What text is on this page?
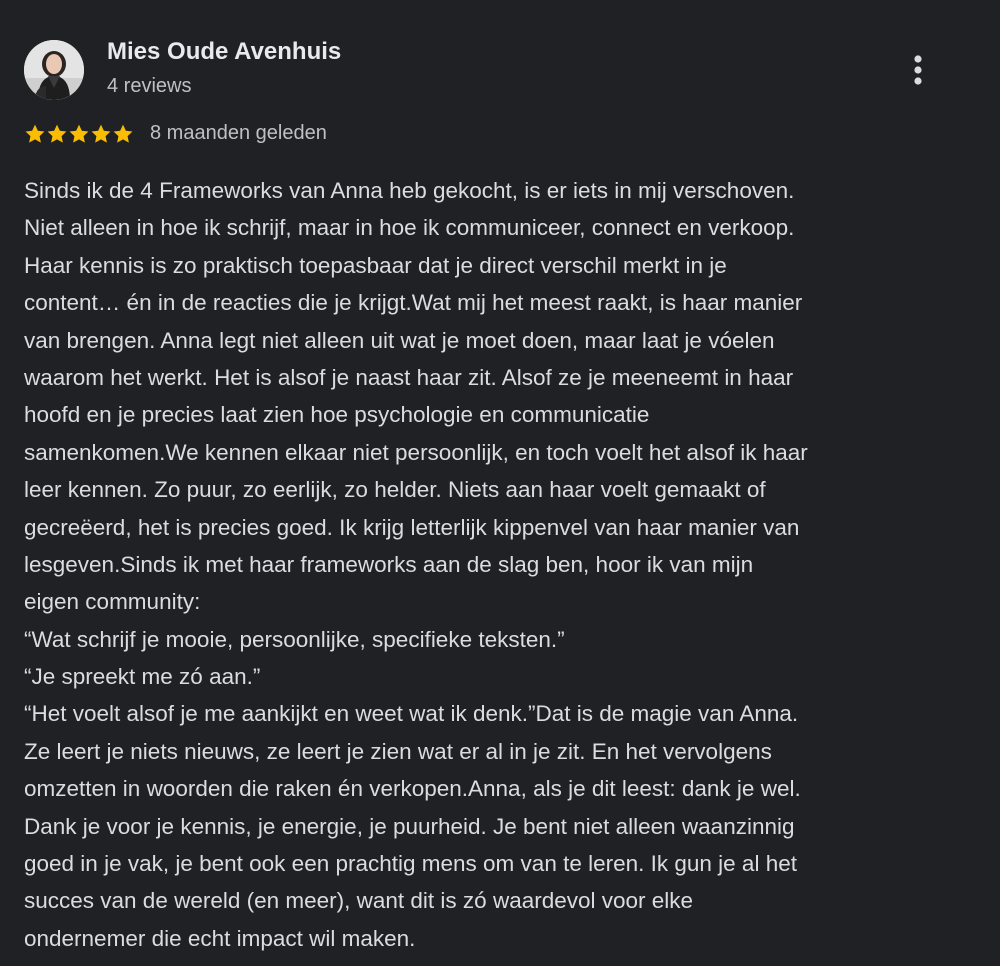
Mies Oude Avenhuis
4 reviews
8 maanden geleden
Sinds ik de 4 Frameworks van Anna heb gekocht, is er iets in mij verschoven.
Niet alleen in hoe ik schrijf, maar in hoe ik communiceer, connect en verkoop.
Haar kennis is zo praktisch toepasbaar dat je direct verschil merkt in je
content… én in de reacties die je krijgt.Wat mij het meest raakt, is haar manier
van brengen. Anna legt niet alleen uit wat je moet doen, maar laat je vóelen
waarom het werkt. Het is alsof je naast haar zit. Alsof ze je meeneemt in haar
hoofd en je precies laat zien hoe psychologie en communicatie
samenkomen.We kennen elkaar niet persoonlijk, en toch voelt het alsof ik haar
leer kennen. Zo puur, zo eerlijk, zo helder. Niets aan haar voelt gemaakt of
gecreëerd, het is precies goed. Ik krijg letterlijk kippenvel van haar manier van
lesgeven.Sinds ik met haar frameworks aan de slag ben, hoor ik van mijn
eigen community:
“Wat schrijf je mooie, persoonlijke, specifieke teksten.”
“Je spreekt me zó aan.”
“Het voelt alsof je me aankijkt en weet wat ik denk.”Dat is de magie van Anna.
Ze leert je niets nieuws, ze leert je zien wat er al in je zit. En het vervolgens
omzetten in woorden die raken én verkopen.Anna, als je dit leest: dank je wel.
Dank je voor je kennis, je energie, je puurheid. Je bent niet alleen waanzinnig
goed in je vak, je bent ook een prachtig mens om van te leren. Ik gun je al het
succes van de wereld (en meer), want dit is zó waardevol voor elke
ondernemer die echt impact wil maken.
